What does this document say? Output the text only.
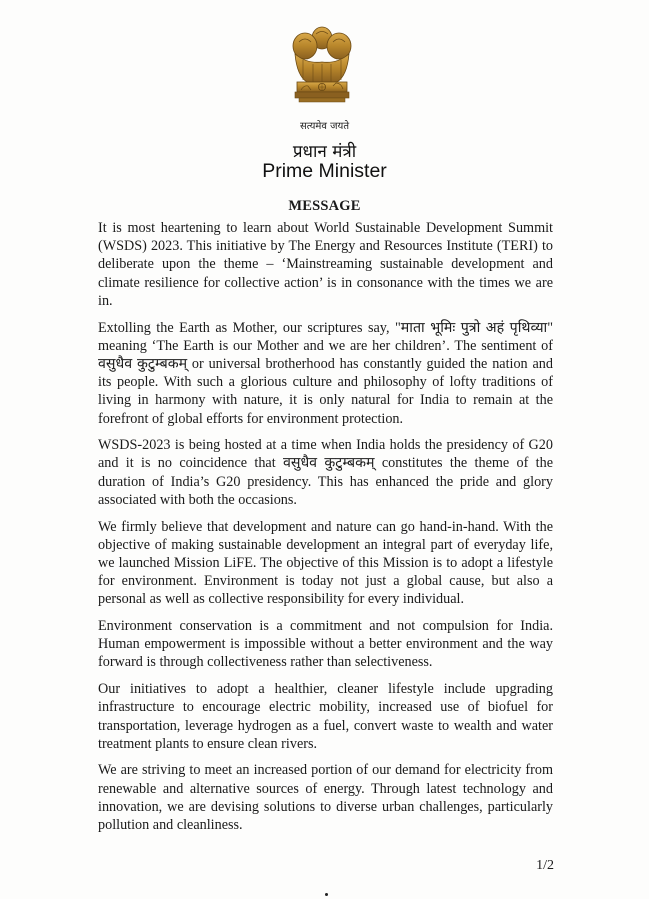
सत्यमेव जयते
प्रधान मंत्री
Prime Minister
MESSAGE

It is most heartening to learn about World Sustainable Development Summit (WSDS) 2023. This initiative by The Energy and Resources Institute (TERI) to deliberate upon the theme – ‘Mainstreaming sustainable development and climate resilience for collective action’ is in consonance with the times we are in.

Extolling the Earth as Mother, our scriptures say, "माता भूमिः पुत्रो अहं पृथिव्या" meaning ‘The Earth is our Mother and we are her children’. The sentiment of वसुधैव कुटुम्बकम् or universal brotherhood has constantly guided the nation and its people. With such a glorious culture and philosophy of lofty traditions of living in harmony with nature, it is only natural for India to remain at the forefront of global efforts for environment protection.

WSDS-2023 is being hosted at a time when India holds the presidency of G20 and it is no coincidence that वसुधैव कुटुम्बकम् constitutes the theme of the duration of India’s G20 presidency. This has enhanced the pride and glory associated with both the occasions.

We firmly believe that development and nature can go hand-in-hand. With the objective of making sustainable development an integral part of everyday life, we launched Mission LiFE. The objective of this Mission is to adopt a lifestyle for environment. Environment is today not just a global cause, but also a personal as well as collective responsibility for every individual.

Environment conservation is a commitment and not compulsion for India. Human empowerment is impossible without a better environment and the way forward is through collectiveness rather than selectiveness.

Our initiatives to adopt a healthier, cleaner lifestyle include upgrading infrastructure to encourage electric mobility, increased use of biofuel for transportation, leverage hydrogen as a fuel, convert waste to wealth and water treatment plants to ensure clean rivers.

We are striving to meet an increased portion of our demand for electricity from renewable and alternative sources of energy. Through latest technology and innovation, we are devising solutions to diverse urban challenges, particularly pollution and cleanliness.

1/2
